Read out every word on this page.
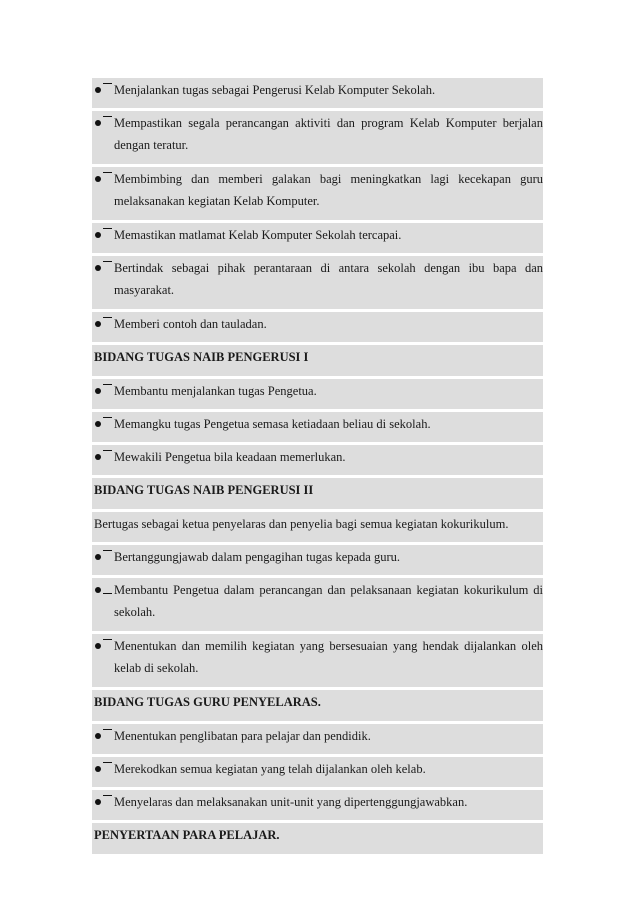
Menjalankan tugas sebagai Pengerusi Kelab Komputer Sekolah.
Mempastikan segala perancangan aktiviti dan program Kelab Komputer berjalan
dengan teratur.
Membimbing dan memberi galakan bagi meningkatkan lagi kecekapan guru
melaksanakan kegiatan Kelab Komputer.
Memastikan matlamat Kelab Komputer Sekolah tercapai.
Bertindak sebagai pihak perantaraan di antara sekolah dengan ibu bapa dan
masyarakat.
Memberi contoh dan tauladan.
BIDANG TUGAS NAIB PENGERUSI I
Membantu menjalankan tugas Pengetua.
Memangku tugas Pengetua semasa ketiadaan beliau di sekolah.
Mewakili Pengetua bila keadaan memerlukan.
BIDANG TUGAS NAIB PENGERUSI II
Bertugas sebagai ketua penyelaras dan penyelia bagi semua kegiatan kokurikulum.
Bertanggungjawab dalam pengagihan tugas kepada guru.
Membantu Pengetua dalam perancangan dan pelaksanaan kegiatan kokurikulum di
sekolah.
Menentukan dan memilih kegiatan yang bersesuaian yang hendak dijalankan oleh
kelab di sekolah.
BIDANG TUGAS GURU PENYELARAS.
Menentukan penglibatan para pelajar dan pendidik.
Merekodkan semua kegiatan yang telah dijalankan oleh kelab.
Menyelaras dan melaksanakan unit-unit yang dipertenggungjawabkan.
PENYERTAAN PARA PELAJAR.
